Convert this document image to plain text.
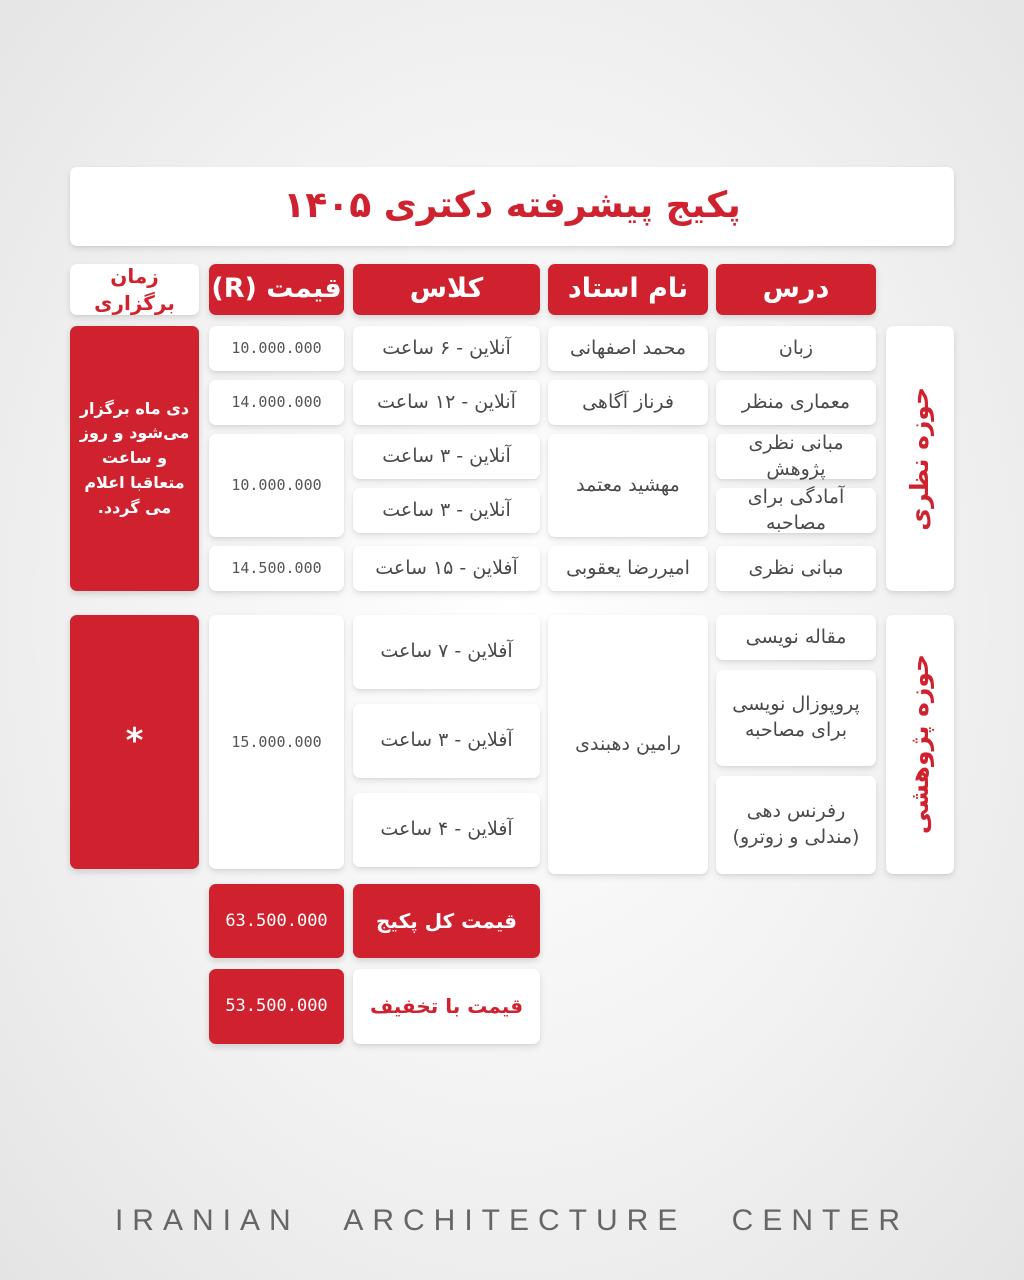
پکیج پیشرفته دکتری ۱۴۰۵
درس
نام استاد
کلاس
قیمت (R)
زمان برگزاری
حوزه نظری
حوزه پژوهشی
زبان
معماری منظر
مبانی نظری پژوهش
آمادگی برای مصاحبه
مبانی نظری
محمد اصفهانی
فرناز آگاهی
مهشید معتمد
امیررضا یعقوبی
آنلاین - ۶ ساعت
آنلاین - ۱۲ ساعت
آنلاین - ۳ ساعت
آنلاین - ۳ ساعت
آفلاین - ۱۵ ساعت
10.000.000
14.000.000
10.000.000
14.500.000
دی ماه برگزار می‌شود و روز و ساعت متعاقبا اعلام می گردد.
مقاله نویسی
پروپوزال نویسی برای مصاحبه
رفرنس دهی (مندلی و زوترو)
رامین دهبندی
آفلاین - ۷ ساعت
آفلاین - ۳ ساعت
آفلاین - ۴ ساعت
15.000.000
*
قیمت کل پکیج
63.500.000
قیمت با تخفیف
53.500.000
IRANIAN ARCHITECTURE CENTER
